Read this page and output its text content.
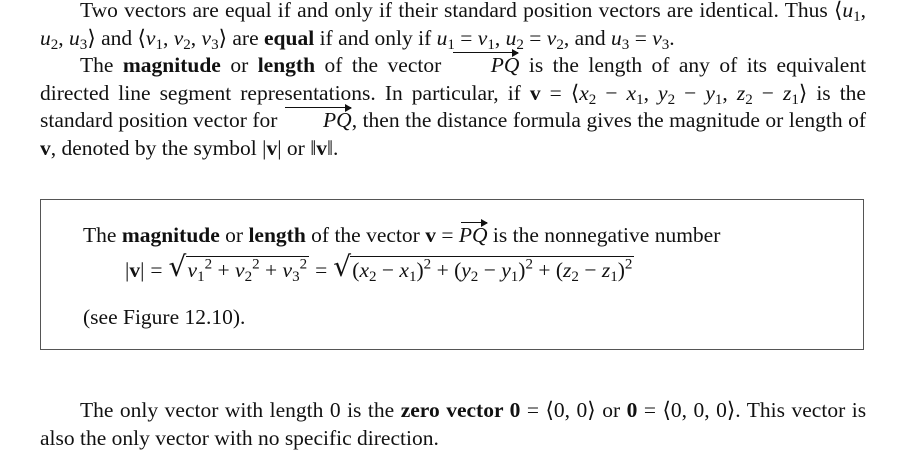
Two vectors are equal if and only if their standard position vectors are identical. Thus $⟨u_1$, $u_2$, $u_3⟩$ and $⟨v_1$, $v_2$, $v_3⟩$ are equal if and only if $u_1 = v_1$, $u_2 = v_2$, and $u_3 = v_3$.
The magnitude or length of the vector PQ is the length of any of its equivalent directed line segment representations. In particular, if $v = ⟨x_2 - x_1$, $y_2 - y_1$, $z_2$ − $z_1⟩$ is the standard position vector for PQ, then the distance formula gives the magnitude or length of v, denoted by the symbol |v| or ‖v‖.
The magnitude or length of the vector v = PQ is the nonnegative number
|v| = √ $v_1^2 + v_2^2 + v_3^2$ = √ $(x_2 - x_1)^2 + (y_2 - y_1)^2 + (z_2 - z_1)^2$
(see Figure 12.10).
The only vector with length 0 is the zero vector 0 = ⟨0, 0⟩ or 0 = ⟨0, 0, 0⟩. This vector is also the only vector with no specific direction.
